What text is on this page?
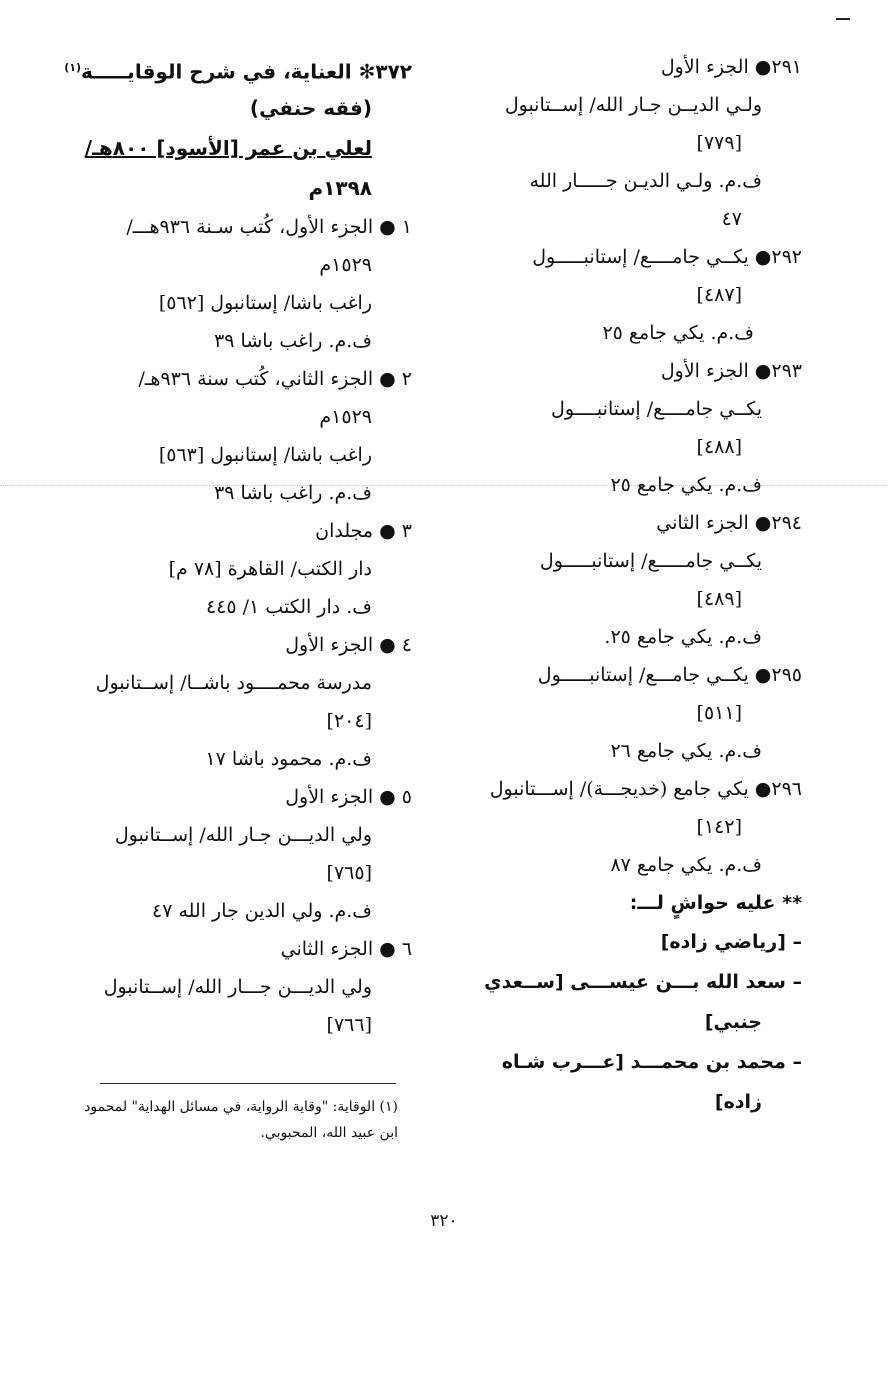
٢٩١● الجزء الأول
ولـي الديــن جـار الله/ إســتانبول
[٧٧٩]
ف.م. ولـي الديـن جـــــار الله
٤٧
٢٩٢● يكــي جامــــع/ إستانبـــــول
[٤٨٧]
ف.م. يكي جامع ٢٥
٢٩٣● الجزء الأول
يكــي جامــــع/ إستانبــــول
[٤٨٨]
ف.م. يكي جامع ٢٥
٢٩٤● الجزء الثاني
يكــي جامـــــع/ إستانبـــــول
[٤٨٩]
ف.م. يكي جامع ٢٥.
٢٩٥● يكــي جامـــع/ إستانبـــــول
[٥١١]
ف.م. يكي جامع ٢٦
٢٩٦● يكي جامع (خديجـــة)/ إســـتانبول
[١٤٢]
ف.م. يكي جامع ٨٧
** عليه حواشٍ لـــ:
– [رياضي زاده]
– سعد الله بـــن عيســـى [ســعدي
جنبي]
– محمد بن محمـــد [عـــرب شـاه
زاده]
٣٧٢✻ العناية، في شرح الوقايـــــة$^{(١)}$
(فقه حنفي)
لعلي بن عمر [الأسود] ٨٠٠هـ/
١٣٩٨م
١ ● الجزء الأول، كُتب سـنة ٩٣٦هـــ/
١٥٢٩م
راغب باشا/ إستانبول [٥٦٢]
ف.م. راغب باشا ٣٩
٢ ● الجزء الثاني، كُتب سنة ٩٣٦هـ/
١٥٢٩م
راغب باشا/ إستانبول [٥٦٣]
ف.م. راغب باشا ٣٩
٣ ● مجلدان
دار الكتب/ القاهرة [٧٨ م]
ف. دار الكتب ١/ ٤٤٥
٤ ● الجزء الأول
مدرسة محمــــود باشــا/ إســتانبول
[٢٠٤]
ف.م. محمود باشا ١٧
٥ ● الجزء الأول
ولي الديـــن جـار الله/ إســتانبول
[٧٦٥]
ف.م. ولي الدين جار الله ٤٧
٦ ● الجزء الثاني
ولي الديـــن جـــار الله/ إســتانبول
[٧٦٦]
(١) الوقاية: "وقاية الرواية، في مسائل الهداية" لمحمود
ابن عبيد الله، المحبوبي.
٣٢٠
